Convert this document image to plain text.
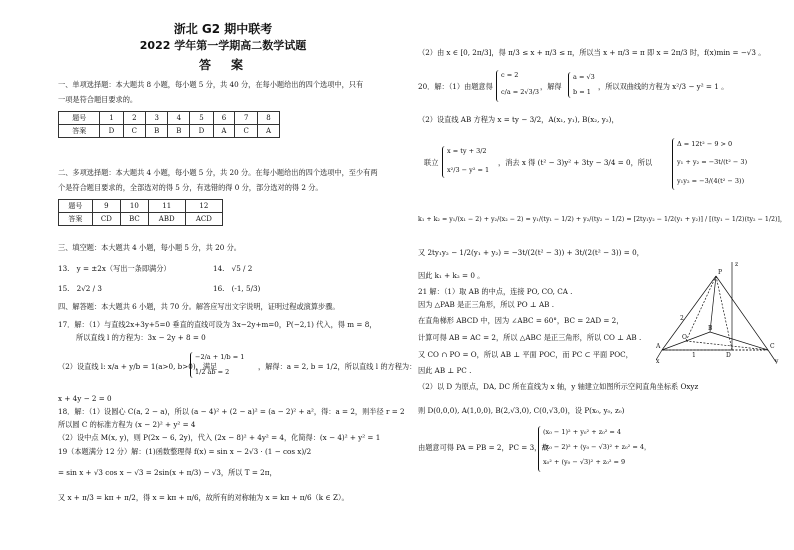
浙北 G2 期中联考
2022 学年第一学期高二数学试题
答　案
一、单项选择题：本大题共 8 小题，每小题 5 分，共 40 分，在每小题给出的四个选项中，只有
一项是符合题目要求的。
题号	1	2	3	4	5	6	7	8
答案	D	C	B	B	D	A	C	A
二、多项选择题：本大题共 4 小题，每小题 5 分，共 20 分。在每小题给出的四个选项中，至少有两
个是符合题目要求的，全部选对的得 5 分，有选错的得 0 分，部分选对的得 2 分。
题号	9	10	11	12
答案	CD	BC	ABD	ACD
三、填空题：本大题共 4 小题，每小题 5 分，共 20 分。
13.　y = ±2x（写出一条即满分）	14.　√5 / 2
15.　2√2 / 3	16.　(-1, 5/3)
四、解答题：本大题共 6 小题，共 70 分。解答应写出文字说明，证明过程或演算步骤。
17．解：（1）与直线2x+3y+5=0 垂直的直线可设为 3x−2y+m=0，P(−2,1) 代入，得 m = 8，
所以直线 l 的方程为：3x − 2y + 8 = 0
（2）设直线 l: x/a + y/b = 1(a>0, b>0)，满足
−2/a + 1/b = 1
1/2 ab = 2
，解得：a = 2, b = 1/2，所以直线 l 的方程为：
x + 4y − 2 = 0
18．解：（1）设圆心 C(a, 2 − a)，所以 (a − 4)² + (2 − a)² = (a − 2)² + a²，得：a = 2，则半径 r = 2
所以圆 C 的标准方程为 (x − 2)² + y² = 4
（2）设中点 M(x, y)，则 P(2x − 6, 2y)，代入 (2x − 8)² + 4y² = 4，化简得：(x − 4)² + y² = 1
19（本题满分 12 分）解：(1)函数整理得 f(x) = sin x − 2√3 · (1 − cos x)/2
= sin x + √3 cos x − √3 = 2sin(x + π/3) − √3，所以 T = 2π，
又 x + π/3 = kπ + π/2，得 x = kπ + π/6，故所有的对称轴为 x = kπ + π/6（k ∈ Z）。
（2）由 x ∈ [0, 2π/3]，得 π/3 ≤ x + π/3 ≤ π，所以当 x + π/3 = π 即 x = 2π/3 时，f(x)min = −√3 。
20．解：（1）由题意得
c = 2
c/a = 2√3/3
，解得
a = √3
b = 1
，所以双曲线的方程为 x²/3 − y² = 1 。
（2）设直线 AB 方程为 x = ty − 3/2，A(x₁, y₁), B(x₂, y₂)，
联立
x = ty + 3/2
x²/3 − y² = 1
，消去 x 得 (t² − 3)y² + 3ty − 3/4 = 0，所以
Δ = 12t² − 9 > 0
y₁ + y₂ = −3t/(t² − 3)
y₁y₂ = −3/(4(t² − 3))
k₁ + k₂ = y₁/(x₁ − 2) + y₂/(x₂ − 2) = y₁/(ty₁ − 1/2) + y₂/(ty₂ − 1/2) = [2ty₁y₂ − 1/2(y₁ + y₂)] / [(ty₁ − 1/2)(ty₂ − 1/2)]，
又 2ty₁y₂ − 1/2(y₁ + y₂) = −3t/(2(t² − 3)) + 3t/(2(t² − 3)) = 0，
因此 k₁ + k₂ = 0 。
21 解：（1）取 AB 的中点，连接 PO, CO, CA .
因为 △PAB 是正三角形，所以 PO ⊥ AB .
在直角梯形 ABCD 中，因为 ∠ABC = 60°，BC = 2AD = 2，
计算可得 AB = AC = 2，所以 △ABC 是正三角形，所以 CO ⊥ AB .
又 CO ∩ PO = O，所以 AB ⊥ 平面 POC，而 PC ⊂ 平面 POC，
因此 AB ⊥ PC .
（2）以 D 为原点，DA, DC 所在直线为 x 轴，y 轴建立如图所示空间直角坐标系 Oxyz
则 D(0,0,0), A(1,0,0), B(2,√3,0), C(0,√3,0)，设 P(x₀, y₀, z₀)
由题意可得 PA = PB = 2，PC = 3，故
(x₀ − 1)² + y₀² + z₀² = 4
(x₀ − 2)² + (y₀ − √3)² + z₀² = 4，
x₀² + (y₀ − √3)² + z₀² = 9
z
P
D
A
B
C
O
x	y
2
1
